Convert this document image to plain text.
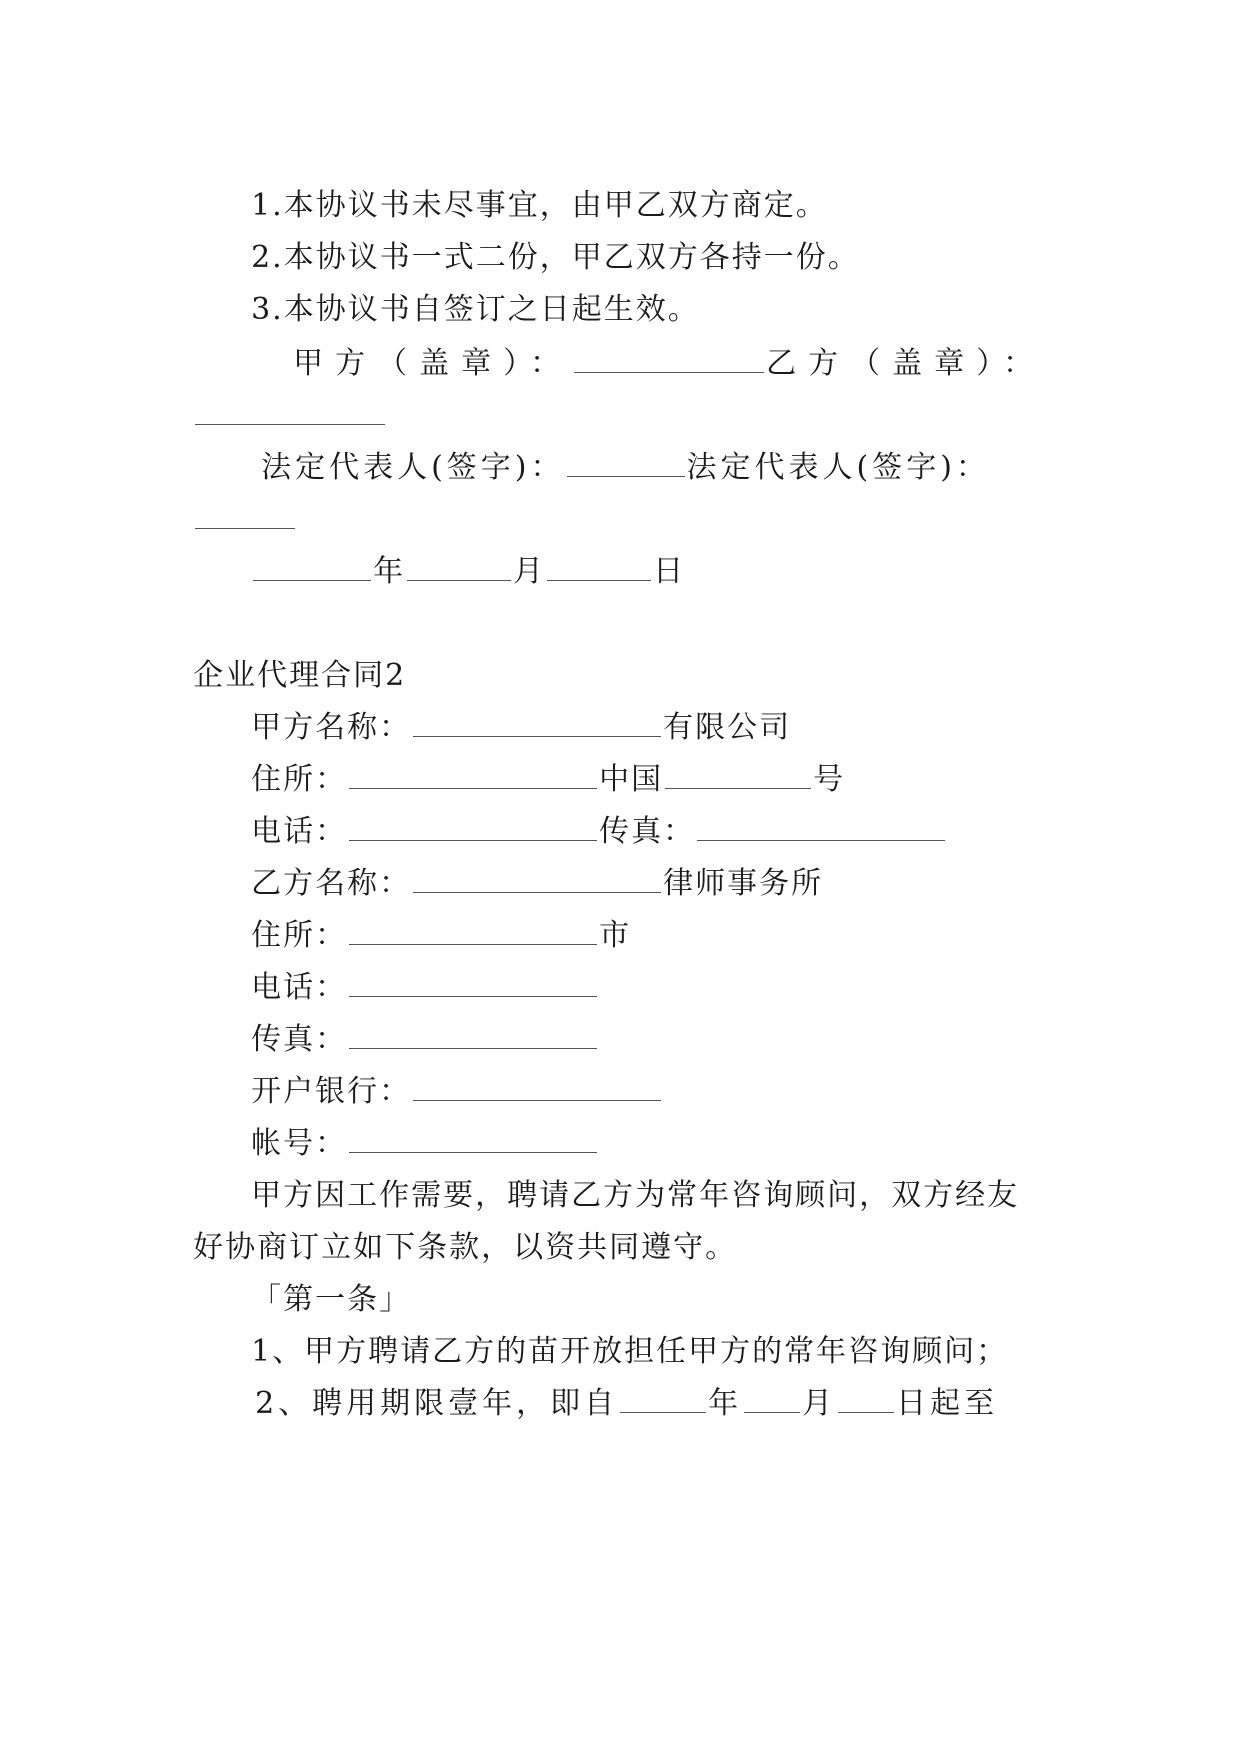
1.本协议书未尽事宜，由甲乙双方商定。

2.本协议书一式二份，甲乙双方各持一份。

3.本协议书自签订之日起生效。

甲方（盖章）：	乙方（盖章）：

法定代表人(签字)：	法定代表人(签字)：

年	月	日

企业代理合同2

甲方名称：	有限公司

住所：	中国	号

电话：	传真：

乙方名称：	律师事务所

住所：	市

电话：

传真：

开户银行：

帐号：

甲方因工作需要，聘请乙方为常年咨询顾问，双方经友

好协商订立如下条款，以资共同遵守。

「第一条」

1、甲方聘请乙方的苗开放担任甲方的常年咨询顾问；

2、聘用期限壹年，即自	年 月 日起至
